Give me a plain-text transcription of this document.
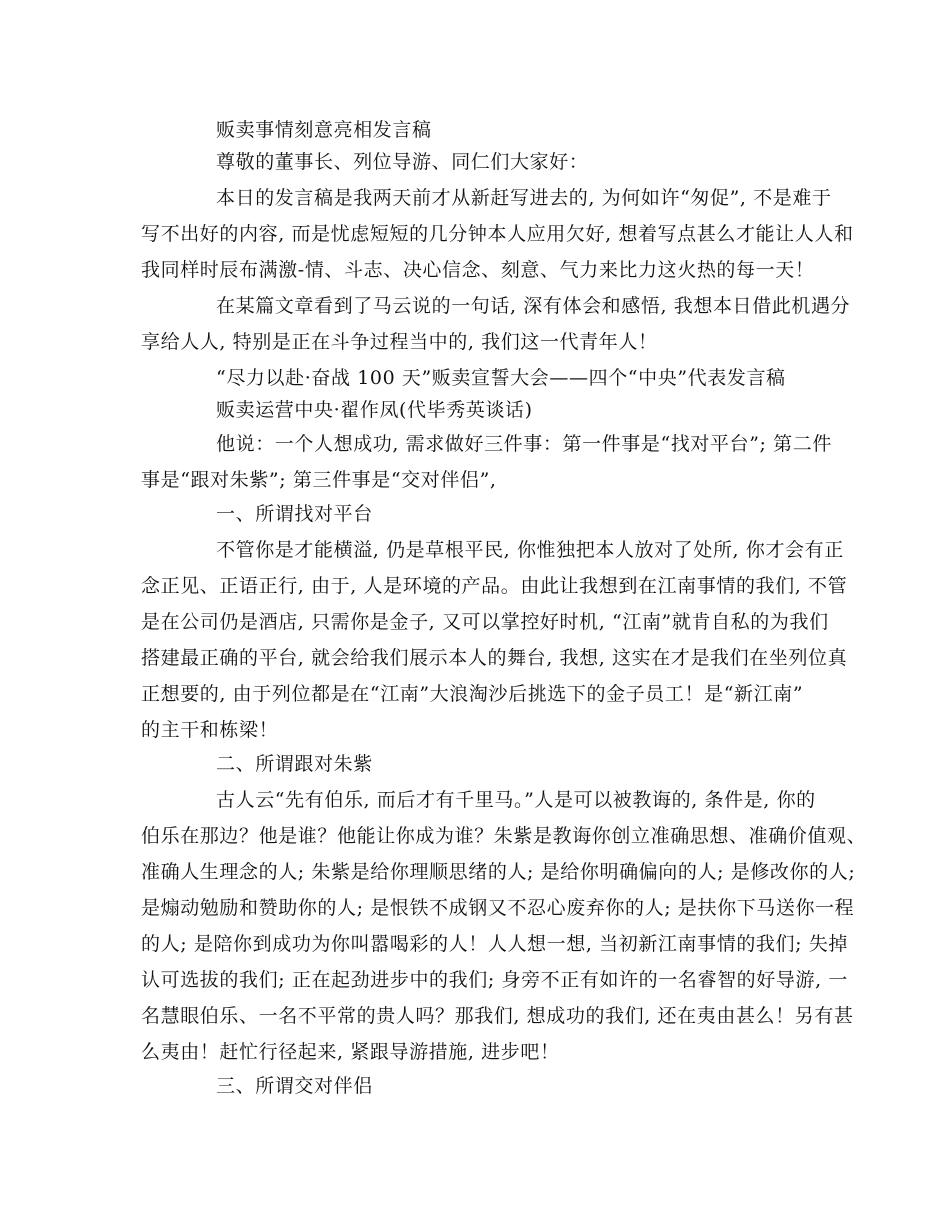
贩卖事情刻意亮相发言稿
尊敬的董事长、列位导游、同仁们大家好：
本日的发言稿是我两天前才从新赶写进去的, 为何如许“匆促”, 不是难于
写不出好的内容, 而是忧虑短短的几分钟本人应用欠好, 想着写点甚么才能让人人和
我同样时辰布满激-情、斗志、决心信念、刻意、气力来比力这火热的每一天！
在某篇文章看到了马云说的一句话, 深有体会和感悟, 我想本日借此机遇分
享给人人, 特别是正在斗争过程当中的, 我们这一代青年人！
“尽力以赴·奋战 100 天”贩卖宣誓大会——四个“中央”代表发言稿
贩卖运营中央·翟作凤(代毕秀英谈话)
他说：一个人想成功, 需求做好三件事：第一件事是“找对平台”; 第二件
事是“跟对朱紫”; 第三件事是“交对伴侣”,
一、所谓找对平台
不管你是才能横溢, 仍是草根平民, 你惟独把本人放对了处所, 你才会有正
念正见、正语正行, 由于, 人是环境的产品。由此让我想到在江南事情的我们, 不管
是在公司仍是酒店, 只需你是金子, 又可以掌控好时机, “江南”就肯自私的为我们
搭建最正确的平台, 就会给我们展示本人的舞台, 我想, 这实在才是我们在坐列位真
正想要的, 由于列位都是在“江南”大浪淘沙后挑选下的金子员工！是“新江南”
的主干和栋梁！
二、所谓跟对朱紫
古人云“先有伯乐, 而后才有千里马。”人是可以被教诲的, 条件是, 你的
伯乐在那边？他是谁？他能让你成为谁？朱紫是教诲你创立准确思想、准确价值观、
准确人生理念的人; 朱紫是给你理顺思绪的人; 是给你明确偏向的人; 是修改你的人;
是煽动勉励和赞助你的人; 是恨铁不成钢又不忍心废弃你的人; 是扶你下马送你一程
的人; 是陪你到成功为你叫嚣喝彩的人！人人想一想, 当初新江南事情的我们; 失掉
认可选拔的我们; 正在起劲进步中的我们; 身旁不正有如许的一名睿智的好导游, 一
名慧眼伯乐、一名不平常的贵人吗？那我们, 想成功的我们, 还在夷由甚么！另有甚
么夷由！赶忙行径起来, 紧跟导游措施, 进步吧！
三、所谓交对伴侣
